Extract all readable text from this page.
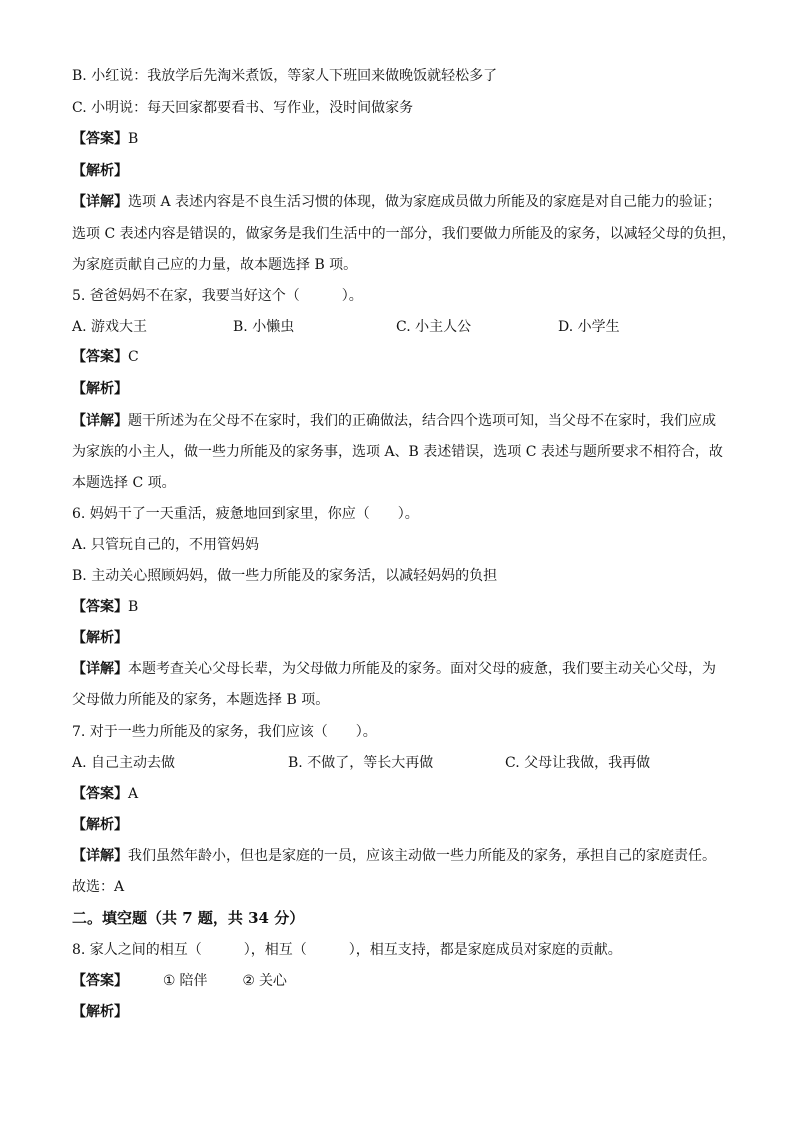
B. 小红说：我放学后先淘米煮饭，等家人下班回来做晚饭就轻松多了
C. 小明说：每天回家都要看书、写作业，没时间做家务
【答案】B
【解析】
【详解】选项 A 表述内容是不良生活习惯的体现，做为家庭成员做力所能及的家庭是对自己能力的验证；
选项 C 表述内容是错误的，做家务是我们生活中的一部分，我们要做力所能及的家务，以减轻父母的负担，
为家庭贡献自己应的力量，故本题选择 B 项。
5. 爸爸妈妈不在家，我要当好这个（　　　）。
A. 游戏大王	B. 小懒虫	C. 小主人公	D. 小学生
【答案】C
【解析】
【详解】题干所述为在父母不在家时，我们的正确做法，结合四个选项可知，当父母不在家时，我们应成
为家族的小主人，做一些力所能及的家务事，选项 A、B 表述错误，选项 C 表述与题所要求不相符合，故
本题选择 C 项。
6. 妈妈干了一天重活，疲惫地回到家里，你应（　　）。
A. 只管玩自己的，不用管妈妈
B. 主动关心照顾妈妈，做一些力所能及的家务活，以减轻妈妈的负担
【答案】B
【解析】
【详解】本题考查关心父母长辈，为父母做力所能及的家务。面对父母的疲惫，我们要主动关心父母，为
父母做力所能及的家务，本题选择 B 项。
7. 对于一些力所能及的家务，我们应该（　　）。
A. 自己主动去做	B. 不做了，等长大再做	C. 父母让我做，我再做
【答案】A
【解析】
【详解】我们虽然年龄小，但也是家庭的一员，应该主动做一些力所能及的家务，承担自己的家庭责任。
故选：A
二。填空题（共 7 题，共 34 分）
8. 家人之间的相互（　　　），相互（　　　），相互支持，都是家庭成员对家庭的贡献。
【答案】 ① 陪伴 ② 关心
【解析】
